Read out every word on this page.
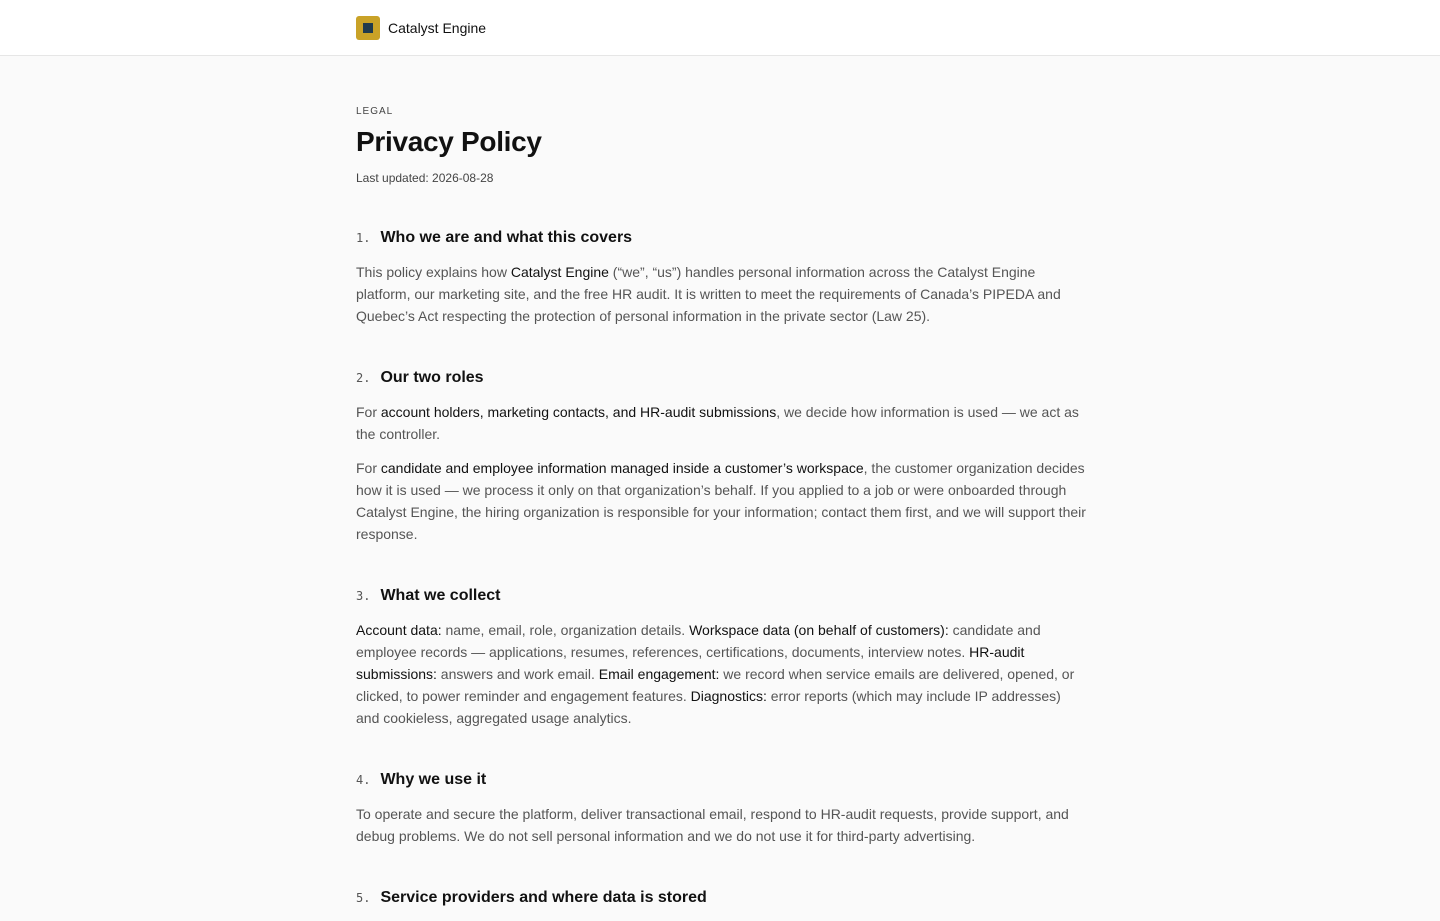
Catalyst Engine
LEGAL
Privacy Policy
Last updated: 2026-08-28
1. Who we are and what this covers

This policy explains how Catalyst Engine (“we”, “us”) handles personal information across the Catalyst Engine platform, our marketing site, and the free HR audit. It is written to meet the requirements of Canada’s PIPEDA and Quebec’s Act respecting the protection of personal information in the private sector (Law 25).

2. Our two roles

For account holders, marketing contacts, and HR-audit submissions, we decide how information is used — we act as the controller.

For candidate and employee information managed inside a customer’s workspace, the customer organization decides how it is used — we process it only on that organization’s behalf. If you applied to a job or were onboarded through Catalyst Engine, the hiring organization is responsible for your information; contact them first, and we will support their response.

3. What we collect

Account data: name, email, role, organization details. Workspace data (on behalf of customers): candidate and employee records — applications, resumes, references, certifications, documents, interview notes. HR-audit submissions: answers and work email. Email engagement: we record when service emails are delivered, opened, or clicked, to power reminder and engagement features. Diagnostics: error reports (which may include IP addresses) and cookieless, aggregated usage analytics.

4. Why we use it

To operate and secure the platform, deliver transactional email, respond to HR-audit requests, provide support, and debug problems. We do not sell personal information and we do not use it for third-party advertising.

5. Service providers and where data is stored
